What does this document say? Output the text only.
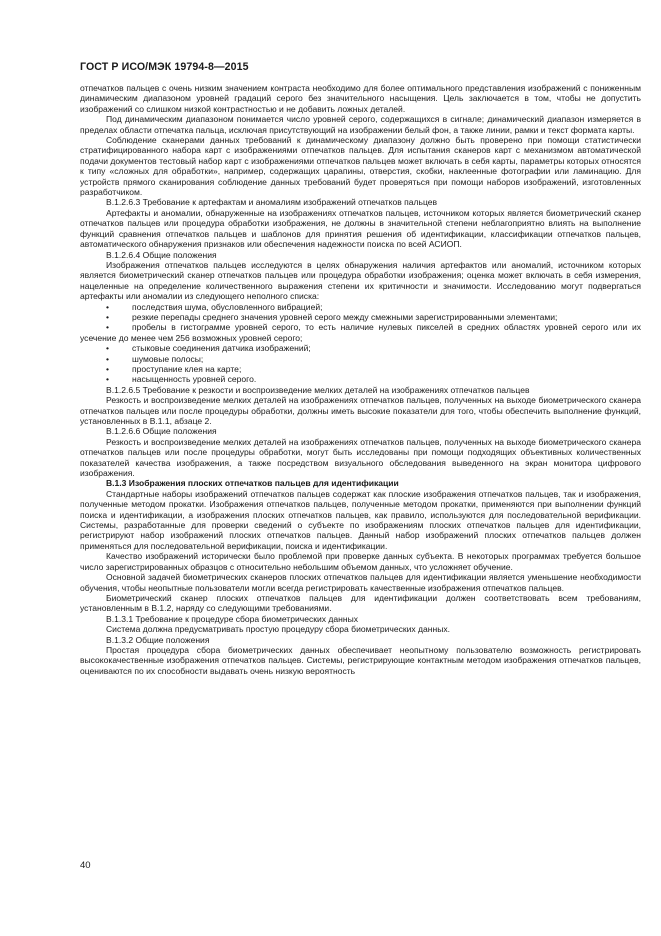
ГОСТ Р ИСО/МЭК 19794-8—2015

отпечатков пальцев с очень низким значением контраста необходимо для более оптимального представления изображений с пониженным динамическим диапазоном уровней градаций серого без значительного насыщения. Цель заключается в том, чтобы не допустить изображений со слишком низкой контрастностью и не добавить ложных деталей.

Под динамическим диапазоном понимается число уровней серого, содержащихся в сигнале; динамический диапазон измеряется в пределах области отпечатка пальца, исключая присутствующий на изображении белый фон, а также линии, рамки и текст формата карты.

Соблюдение сканерами данных требований к динамическому диапазону должно быть проверено при помощи статистически стратифицированного набора карт с изображениями отпечатков пальцев. Для испытания сканеров карт с механизмом автоматической подачи документов тестовый набор карт с изображениями отпечатков пальцев может включать в себя карты, параметры которых относятся к типу «сложных для обработки», например, содержащих царапины, отверстия, скобки, наклеенные фотографии или ламинацию. Для устройств прямого сканирования соблюдение данных требований будет проверяться при помощи наборов изображений, изготовленных разработчиком.

В.1.2.6.3 Требование к артефактам и аномалиям изображений отпечатков пальцев

Артефакты и аномалии, обнаруженные на изображениях отпечатков пальцев, источником которых является биометрический сканер отпечатков пальцев или процедура обработки изображения, не должны в значительной степени неблагоприятно влиять на выполнение функций сравнения отпечатков пальцев и шаблонов для принятия решения об идентификации, классификации отпечатков пальцев, автоматического обнаружения признаков или обеспечения надежности поиска по всей АСИОП.

В.1.2.6.4 Общие положения

Изображения отпечатков пальцев исследуются в целях обнаружения наличия артефактов или аномалий, источником которых является биометрический сканер отпечатков пальцев или процедура обработки изображения; оценка может включать в себя измерения, нацеленные на определение количественного выражения степени их критичности и значимости. Исследованию могут подвергаться артефакты или аномалии из следующего неполного списка:

•	последствия шума, обусловленного вибрацией;
•	резкие перепады среднего значения уровней серого между смежными зарегистрированными элементами;
•	пробелы в гистограмме уровней серого, то есть наличие нулевых пикселей в средних областях уровней серого или их усечение до менее чем 256 возможных уровней серого;
•	стыковые соединения датчика изображений;
•	шумовые полосы;
•	проступание клея на карте;
•	насыщенность уровней серого.

В.1.2.6.5 Требование к резкости и воспроизведение мелких деталей на изображениях отпечатков пальцев

Резкость и воспроизведение мелких деталей на изображениях отпечатков пальцев, полученных на выходе биометрического сканера отпечатков пальцев или после процедуры обработки, должны иметь высокие показатели для того, чтобы обеспечить выполнение функций, установленных в В.1.1, абзаце 2.

В.1.2.6.6 Общие положения

Резкость и воспроизведение мелких деталей на изображениях отпечатков пальцев, полученных на выходе биометрического сканера отпечатков пальцев или после процедуры обработки, могут быть исследованы при помощи подходящих объективных количественных показателей качества изображения, а также посредством визуального обследования выведенного на экран монитора цифрового изображения.

В.1.3 Изображения плоских отпечатков пальцев для идентификации

Стандартные наборы изображений отпечатков пальцев содержат как плоские изображения отпечатков пальцев, так и изображения, полученные методом прокатки. Изображения отпечатков пальцев, полученные методом прокатки, применяются при выполнении функций поиска и идентификации, а изображения плоских отпечатков пальцев, как правило, используются для последовательной верификации. Системы, разработанные для проверки сведений о субъекте по изображениям плоских отпечатков пальцев для идентификации, регистрируют набор изображений плоских отпечатков пальцев. Данный набор изображений плоских отпечатков пальцев должен применяться для последовательной верификации, поиска и идентификации.

Качество изображений исторически было проблемой при проверке данных субъекта. В некоторых программах требуется большое число зарегистрированных образцов с относительно небольшим объемом данных, что усложняет обучение.

Основной задачей биометрических сканеров плоских отпечатков пальцев для идентификации является уменьшение необходимости обучения, чтобы неопытные пользователи могли всегда регистрировать качественные изображения отпечатков пальцев.

Биометрический сканер плоских отпечатков пальцев для идентификации должен соответствовать всем требованиям, установленным в В.1.2, наряду со следующими требованиями.

В.1.3.1 Требование к процедуре сбора биометрических данных

Система должна предусматривать простую процедуру сбора биометрических данных.

В.1.3.2 Общие положения

Простая процедура сбора биометрических данных обеспечивает неопытному пользователю возможность регистрировать высококачественные изображения отпечатков пальцев. Системы, регистрирующие контактным методом изображения отпечатков пальцев, оцениваются по их способности выдавать очень низкую вероятность

40
